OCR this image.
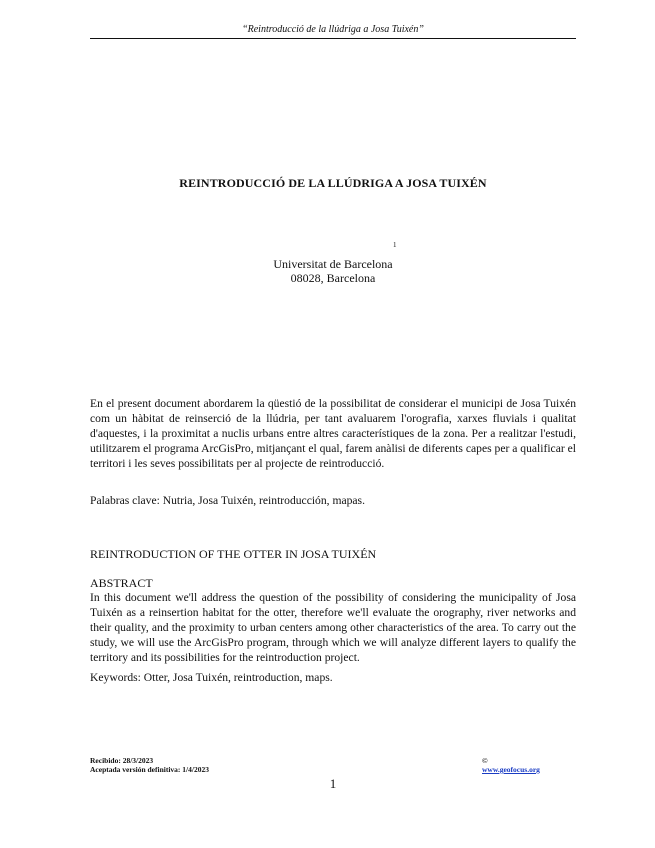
“Reintroducció de la llúdriga a Josa Tuixén”
REINTRODUCCIÓ DE LA LLÚDRIGA A JOSA TUIXÉN
1
Universitat de Barcelona
08028, Barcelona
En el present document abordarem la qüestió de la possibilitat de considerar el municipi de Josa Tuixén com un hàbitat de reinserció de la llúdria, per tant avaluarem l'orografia, xarxes fluvials i qualitat d'aquestes, i la proximitat a nuclis urbans entre altres característiques de la zona. Per a realitzar l'estudi, utilitzarem el programa ArcGisPro, mitjançant el qual, farem anàlisi de diferents capes per a qualificar el territori i les seves possibilitats per al projecte de reintroducció.
Palabras clave: Nutria, Josa Tuixén, reintroducción, mapas.
REINTRODUCTION OF THE OTTER IN JOSA TUIXÉN
ABSTRACT
In this document we'll address the question of the possibility of considering the municipality of Josa Tuixén as a reinsertion habitat for the otter, therefore we'll evaluate the orography, river networks and their quality, and the proximity to urban centers among other characteristics of the area. To carry out the study, we will use the ArcGisPro program, through which we will analyze different layers to qualify the territory and its possibilities for the reintroduction project.
Keywords: Otter, Josa Tuixén, reintroduction, maps.
Recibido: 28/3/2023
Aceptada versión definitiva: 1/4/2023
©
www.geofocus.org
1
